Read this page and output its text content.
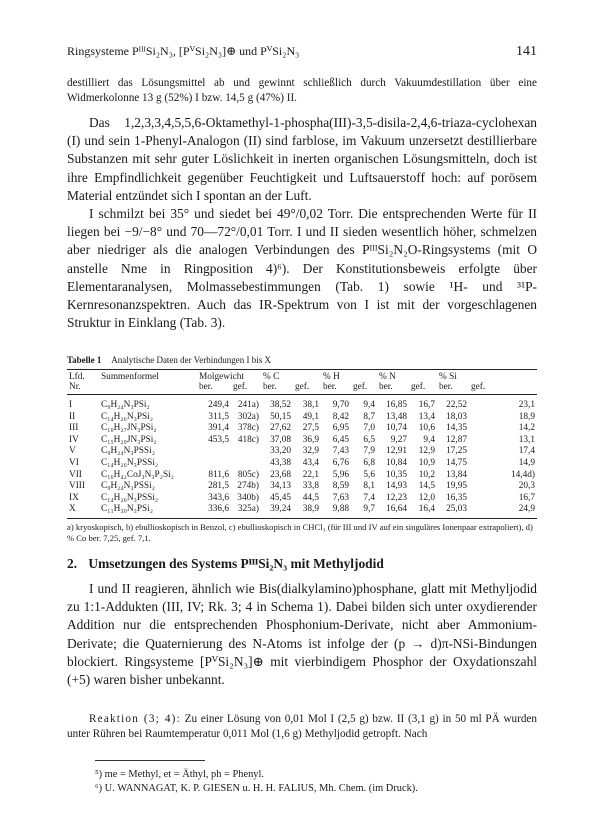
Ringsysteme PᴵᴵᴵSi₂N₃, [PⱽSi₂N₃]⊕ und PⱽSi₂N₃	141

destilliert das Lösungsmittel ab und gewinnt schließlich durch Vakuumdestillation über eine Widmerkolonne 13 g (52%) I bzw. 14,5 g (47%) II.

Das 1,2,3,3,4,5,5,6-Oktamethyl-1-phospha(III)-3,5-disila-2,4,6-triaza-cyclohexan (I) und sein 1-Phenyl-Analogon (II) sind farblose, im Vakuum unzersetzt destillierbare Substanzen mit sehr guter Löslichkeit in inerten organischen Lösungsmitteln, doch ist ihre Empfindlichkeit gegenüber Feuchtigkeit und Luftsauerstoff hoch: auf porösem Material entzündet sich I spontan an der Luft.

I schmilzt bei 35° und siedet bei 49°/0,02 Torr. Die entsprechenden Werte für II liegen bei −9/−8° und 70—72°/0,01 Torr. I und II sieden wesentlich höher, schmelzen aber niedriger als die analogen Verbindungen des PᴵᴵᴵSi₂N₂O-Ringsystems (mit O anstelle Nme in Ringposition 4)⁶). Der Konstitutionsbeweis erfolgte über Elementaranalysen, Molmassebestimmungen (Tab. 1) sowie ¹H- und ³¹P-Kernresonanzspektren. Auch das IR-Spektrum von I ist mit der vorgeschlagenen Struktur in Einklang (Tab. 3).

Tabelle 1 Analytische Daten der Verbindungen I bis X
Lfd.	Summenformel	Molgewicht		% C		% H		% N		% Si	
Nr.		ber.	gef.	ber.	gef.	ber.	gef.	ber.	gef.	ber.	gef.
I	C₉H₂₄N₃PSi₂	249,4	241a)	38,52	38,1	9,70	9,4	16,85	16,7	22,52	23,1
II	C₁₄H₂₆N₃PSi₂	311,5	302a)	50,15	49,1	8,42	8,7	13,48	13,4	18,03	18,9
III	C₁₀H₂₇JN₃PSi₂	391,4	378c)	27,62	27,5	6,95	7,0	10,74	10,6	14,35	14,2
IV	C₁₅H₂₉JN₃PSi₂	453,5	418c)	37,08	36,9	6,45	6,5	9,27	9,4	12,87	13,1
V	C₉H₂₄N₃PSSi₂			33,20	32,9	7,43	7,9	12,91	12,9	17,25	17,4
VI	C₁₄H₂₆N₃PSSi₂			43,38	43,4	6,76	6,8	10,84	10,9	14,75	14,9
VII	C₁₆H₄₂CoJ₃N₃P₂Si₂	811,6	805c)	23,68	22,1	5,96	5,6	10,35	10,2	13,84	14,4d)
VIII	C₉H₂₄N₃PSSi₂	281,5	274b)	34,13	33,8	8,59	8,1	14,93	14,5	19,95	20,3
IX	C₁₄H₂₆N₃PSSi₂	343,6	340b)	45,45	44,5	7,63	7,4	12,23	12,0	16,35	16,7
X	C₁₁H₃₀N₃PSi₂	336,6	325a)	39,24	38,9	9,88	9,7	16,64	16,4	25,03	24,9
a) kryoskopisch, b) ebullioskopisch in Benzol, c) ebullioskopisch in CHCl₃ (für III und IV auf ein singuläres Ionenpaar extrapoliert), d) % Co ber. 7,25, gef. 7,1.
2. Umsetzungen des Systems PᴵᴵᴵSi₂N₃ mit Methyljodid

I und II reagieren, ähnlich wie Bis(dialkylamino)phosphane, glatt mit Methyljodid zu 1:1-Addukten (III, IV; Rk. 3; 4 in Schema 1). Dabei bilden sich unter oxydierender Addition nur die entsprechenden Phosphonium-Derivate, nicht aber Ammonium-Derivate; die Quaternierung des N-Atoms ist infolge der (p → d)π-NSi-Bindungen blockiert. Ringsysteme [PⱽSi₂N₃]⊕ mit vierbindigem Phosphor der Oxydationszahl (+5) waren bisher unbekannt.

Reaktion (3; 4): Zu einer Lösung von 0,01 Mol I (2,5 g) bzw. II (3,1 g) in 50 ml PÄ wurden unter Rühren bei Raumtemperatur 0,011 Mol (1,6 g) Methyljodid getropft. Nach

⁵) me = Methyl, et = Äthyl, ph = Phenyl.
⁶) U. WANNAGAT, K. P. GIESEN u. H. H. FALIUS, Mh. Chem. (im Druck).
